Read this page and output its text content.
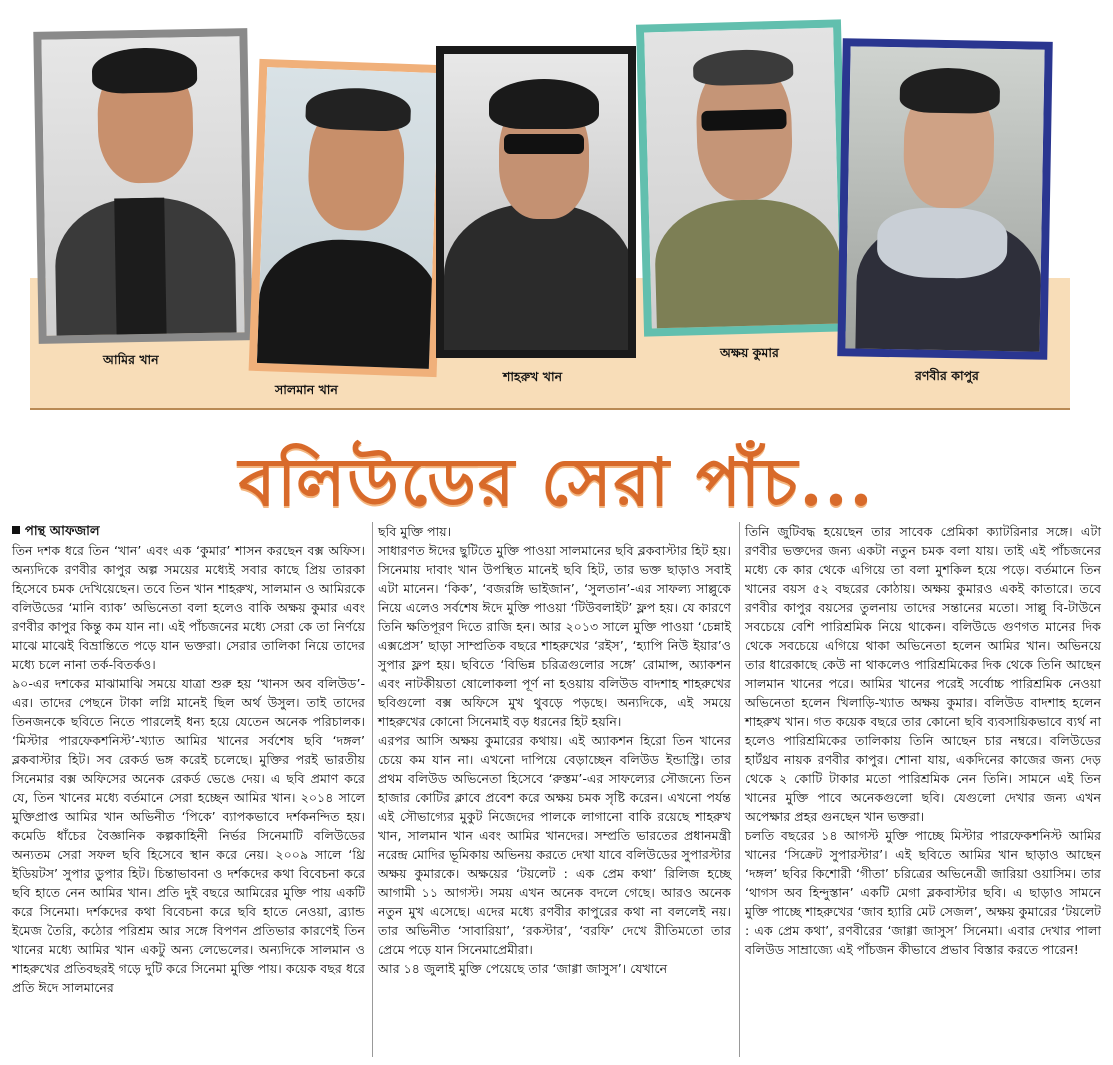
আমির খান
সালমান খান
শাহরুখ খান
অক্ষয় কুমার
রণবীর কাপুর
বলিউডের সেরা পাঁচ...

পান্থ আফজাল

তিন দশক ধরে তিন ‘খান’ এবং এক ‘কুমার’ শাসন করছেন বক্স অফিস। অন্যদিকে রণবীর কাপুর অল্প সময়ের মধ্যেই সবার কাছে প্রিয় তারকা হিসেবে চমক দেখিয়েছেন। তবে তিন খান শাহরুখ, সালমান ও আমিরকে বলিউডের ‘মানি ব্যাক’ অভিনেতা বলা হলেও বাকি অক্ষয় কুমার এবং রণবীর কাপুর কিন্তু কম যান না। এই পাঁচজনের মধ্যে সেরা কে তা নির্ণয়ে মাঝে মাঝেই বিভ্রান্তিতে পড়ে যান ভক্তরা। সেরার তালিকা নিয়ে তাদের মধ্যে চলে নানা তর্ক-বিতর্কও।

৯০-এর দশকের মাঝামাঝি সময়ে যাত্রা শুরু হয় ‘খানস অব বলিউড’-এর। তাদের পেছনে টাকা লগ্নি মানেই ছিল অর্থ উসুল। তাই তাদের তিনজনকে ছবিতে নিতে পারলেই ধন্য হয়ে যেতেন অনেক পরিচালক। ‘মিস্টার পারফেকশনিস্ট’-খ্যাত আমির খানের সর্বশেষ ছবি ‘দঙ্গল’ ব্লকবাস্টার হিট। সব রেকর্ড ভঙ্গ করেই চলেছে। মুক্তির পরই ভারতীয় সিনেমার বক্স অফিসের অনেক রেকর্ড ভেঙে দেয়। এ ছবি প্রমাণ করে যে, তিন খানের মধ্যে বর্তমানে সেরা হচ্ছেন আমির খান। ২০১৪ সালে মুক্তিপ্রাপ্ত আমির খান অভিনীত ‘পিকে’ ব্যাপকভাবে দর্শকনন্দিত হয়। কমেডি ধাঁচের বৈজ্ঞানিক কল্পকাহিনী নির্ভর সিনেমাটি বলিউডের অন্যতম সেরা সফল ছবি হিসেবে স্থান করে নেয়। ২০০৯ সালে ‘থ্রি ইডিয়টস’ সুপার ডুপার হিট। চিন্তাভাবনা ও দর্শকদের কথা বিবেচনা করে ছবি হাতে নেন আমির খান। প্রতি দুই বছরে আমিরের মুক্তি পায় একটি করে সিনেমা। দর্শকদের কথা বিবেচনা করে ছবি হাতে নেওয়া, ব্র্যান্ড ইমেজ তৈরি, কঠোর পরিশ্রম আর সঙ্গে বিপণন প্রতিভার কারণেই তিন খানের মধ্যে আমির খান একটু অন্য লেভেলের। অন্যদিকে সালমান ও শাহরুখের প্রতিবছরই গড়ে দুটি করে সিনেমা মুক্তি পায়। কয়েক বছর ধরে প্রতি ঈদে সালমানের

ছবি মুক্তি পায়।

সাধারণত ঈদের ছুটিতে মুক্তি পাওয়া সালমানের ছবি ব্লকবাস্টার হিট হয়। সিনেমায় দাবাং খান উপস্থিত মানেই ছবি হিট, তার ভক্ত ছাড়াও সবাই এটা মানেন। ‘কিক’, ‘বজরঙ্গি ভাইজান’, ‘সুলতান’-এর সাফল্য সাল্লুকে নিয়ে এলেও সর্বশেষ ঈদে মুক্তি পাওয়া ‘টিউবলাইট’ ফ্লপ হয়। যে কারণে তিনি ক্ষতিপূরণ দিতে রাজি হন। আর ২০১৩ সালে মুক্তি পাওয়া ‘চেন্নাই এক্সপ্রেস’ ছাড়া সাম্প্রতিক বছরে শাহরুখের ‘রইস’, ‘হ্যাপি নিউ ইয়ার’ও সুপার ফ্লপ হয়। ছবিতে ‘বিভিন্ন চরিত্রগুলোর সঙ্গে’ রোমান্স, অ্যাকশন এবং নাটকীয়তা ষোলোকলা পূর্ণ না হওয়ায় বলিউড বাদশাহ শাহরুখের ছবিগুলো বক্স অফিসে মুখ থুবড়ে পড়ছে। অন্যদিকে, এই সময়ে শাহরুখের কোনো সিনেমাই বড় ধরনের হিট হয়নি।

এরপর আসি অক্ষয় কুমারের কথায়। এই অ্যাকশন হিরো তিন খানের চেয়ে কম যান না। এখনো দাপিয়ে বেড়াচ্ছেন বলিউড ইন্ডাস্ট্রি। তার প্রথম বলিউড অভিনেতা হিসেবে ‘রুস্তম’-এর সাফল্যের সৌজন্যে তিন হাজার কোটির ক্লাবে প্রবেশ করে অক্ষয় চমক সৃষ্টি করেন। এখনো পর্যন্ত এই সৌভাগ্যের মুকুট নিজেদের পালকে লাগানো বাকি রয়েছে শাহরুখ খান, সালমান খান এবং আমির খানদের। সম্প্রতি ভারতের প্রধানমন্ত্রী নরেন্দ্র মোদির ভূমিকায় অভিনয় করতে দেখা যাবে বলিউডের সুপারস্টার অক্ষয় কুমারকে। অক্ষয়ের ‘টয়লেট : এক প্রেম কথা’ রিলিজ হচ্ছে আগামী ১১ আগস্ট। সময় এখন অনেক বদলে গেছে। আরও অনেক নতুন মুখ এসেছে। এদের মধ্যে রণবীর কাপুরের কথা না বললেই নয়। তার অভিনীত ‘সাবারিয়া’, ‘রকস্টার’, ‘বরফি’ দেখে রীতিমতো তার প্রেমে পড়ে যান সিনেমাপ্রেমীরা।

আর ১৪ জুলাই মুক্তি পেয়েছে তার ‘জাগ্গা জাসুস’। যেখানে

তিনি জুটিবদ্ধ হয়েছেন তার সাবেক প্রেমিকা ক্যাটরিনার সঙ্গে। এটা রণবীর ভক্তদের জন্য একটা নতুন চমক বলা যায়। তাই এই পাঁচজনের মধ্যে কে কার থেকে এগিয়ে তা বলা মুশকিল হয়ে পড়ে। বর্তমানে তিন খানের বয়স ৫২ বছরের কোঠায়। অক্ষয় কুমারও একই কাতারে। তবে রণবীর কাপুর বয়সের তুলনায় তাদের সন্তানের মতো। সাল্লু বি-টাউনে সবচেয়ে বেশি পারিশ্রমিক নিয়ে থাকেন। বলিউডে গুণগত মানের দিক থেকে সবচেয়ে এগিয়ে থাকা অভিনেতা হলেন আমির খান। অভিনয়ে তার ধারেকাছে কেউ না থাকলেও পারিশ্রমিকের দিক থেকে তিনি আছেন সালমান খানের পরে। আমির খানের পরেই সর্বোচ্চ পারিশ্রমিক নেওয়া অভিনেতা হলেন খিলাড়ি-খ্যাত অক্ষয় কুমার। বলিউড বাদশাহ হলেন শাহরুখ খান। গত কয়েক বছরে তার কোনো ছবি ব্যবসায়িকভাবে ব্যর্থ না হলেও পারিশ্রমিকের তালিকায় তিনি আছেন চার নম্বরে। বলিউডের হার্টথ্রব নায়ক রণবীর কাপুর। শোনা যায়, একদিনের কাজের জন্য দেড় থেকে ২ কোটি টাকার মতো পারিশ্রমিক নেন তিনি। সামনে এই তিন খানের মুক্তি পাবে অনেকগুলো ছবি। যেগুলো দেখার জন্য এখন অপেক্ষার প্রহর গুনছেন খান ভক্তরা।

চলতি বছরের ১৪ আগস্ট মুক্তি পাচ্ছে মিস্টার পারফেকশনিস্ট আমির খানের ‘সিক্রেট সুপারস্টার’। এই ছবিতে আমির খান ছাড়াও আছেন ‘দঙ্গল’ ছবির কিশোরী ‘গীতা’ চরিত্রের অভিনেত্রী জারিয়া ওয়াসিম। তার ‘থাগস অব হিন্দুস্তান’ একটি মেগা ব্লকবাস্টার ছবি। এ ছাড়াও সামনে মুক্তি পাচ্ছে শাহরুখের ‘জাব হ্যারি মেট সেজল’, অক্ষয় কুমারের ‘টয়লেট : এক প্রেম কথা’, রণবীরের ‘জাগ্গা জাসুস’ সিনেমা। এবার দেখার পালা বলিউড সাম্রাজ্যে এই পাঁচজন কীভাবে প্রভাব বিস্তার করতে পারেন!
